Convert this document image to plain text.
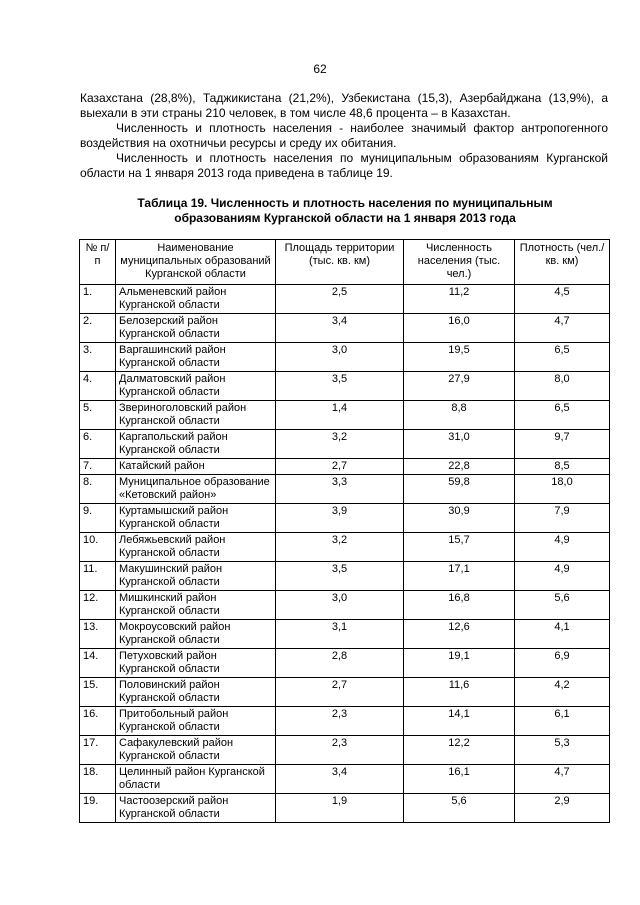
62

Казахстана (28,8%), Таджикистана (21,2%), Узбекистана (15,3), Азербайджана (13,9%), а выехали в эти страны 210 человек, в том числе 48,6 процента – в Казахстан.

Численность и плотность населения - наиболее значимый фактор антропогенного воздействия на охотничьи ресурсы и среду их обитания.

Численность и плотность населения по муниципальным образованиям Курганской области на 1 января 2013 года приведена в таблице 19.

Таблица 19. Численность и плотность населения по муниципальным образованиям Курганской области на 1 января 2013 года
№ п/п	Наименование муниципальных образований Курганской области	Площадь территории (тыс. кв. км)	Численность населения (тыс. чел.)	Плотность (чел./кв. км)
1.	Альменевский район Курганской области	2,5	11,2	4,5
2.	Белозерский район Курганской области	3,4	16,0	4,7
3.	Варгашинский район Курганской области	3,0	19,5	6,5
4.	Далматовский район Курганской области	3,5	27,9	8,0
5.	Звериноголовский район Курганской области	1,4	8,8	6,5
6.	Каргапольский район Курганской области	3,2	31,0	9,7
7.	Катайский район	2,7	22,8	8,5
8.	Муниципальное образование «Кетовский район»	3,3	59,8	18,0
9.	Куртамышский район Курганской области	3,9	30,9	7,9
10.	Лебяжьевский район Курганской области	3,2	15,7	4,9
11.	Макушинский район Курганской области	3,5	17,1	4,9
12.	Мишкинский район Курганской области	3,0	16,8	5,6
13.	Мокроусовский район Курганской области	3,1	12,6	4,1
14.	Петуховский район Курганской области	2,8	19,1	6,9
15.	Половинский район Курганской области	2,7	11,6	4,2
16.	Притобольный район Курганской области	2,3	14,1	6,1
17.	Сафакулевский район Курганской области	2,3	12,2	5,3
18.	Целинный район Курганской области	3,4	16,1	4,7
19.	Частоозерский район Курганской области	1,9	5,6	2,9
